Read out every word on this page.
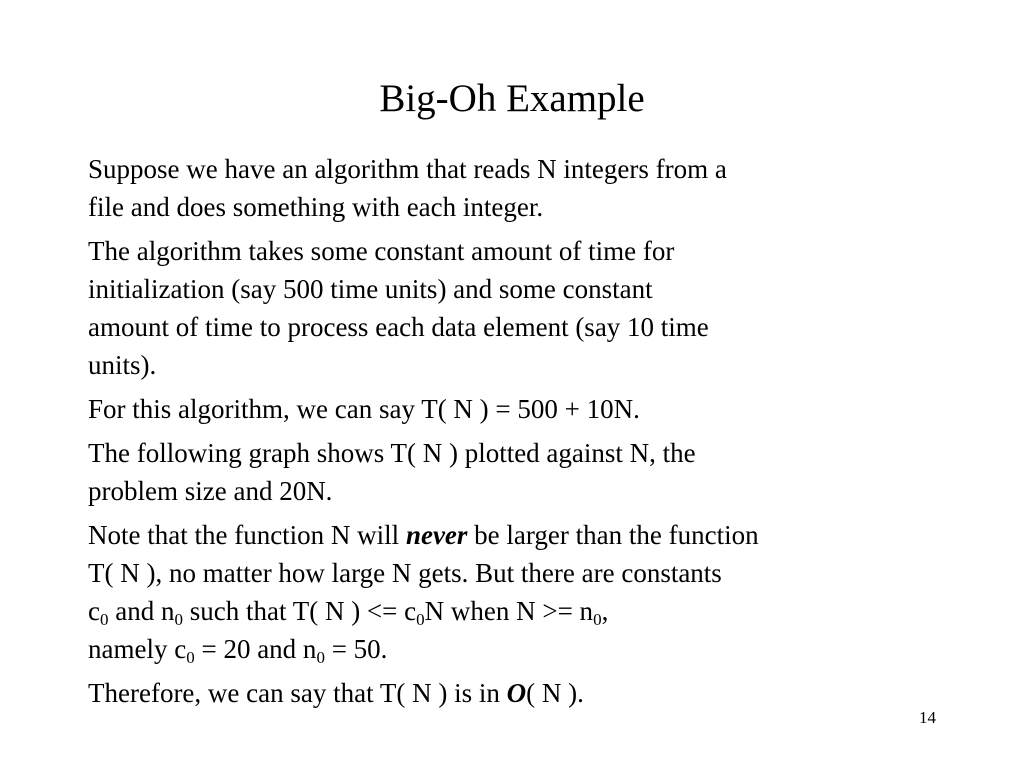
Big-Oh Example

Suppose we have an algorithm that reads N integers from a
file and does something with each integer.

The algorithm takes some constant amount of time for
initialization (say 500 time units) and some constant
amount of time to process each data element (say 10 time
units).

For this algorithm, we can say T( N ) = 500 + 10N.

The following graph shows T( N ) plotted against N, the
problem size and 20N.

Note that the function N will never be larger than the function
T( N ), no matter how large N gets. But there are constants
$c_0$ and $n_0$ such that T( N ) <= $c_0N$ when $N >= n_0$,
namely $c_0 = 20$ and $n_0 = 50$.

Therefore, we can say that T( N ) is in O( N ).

14
